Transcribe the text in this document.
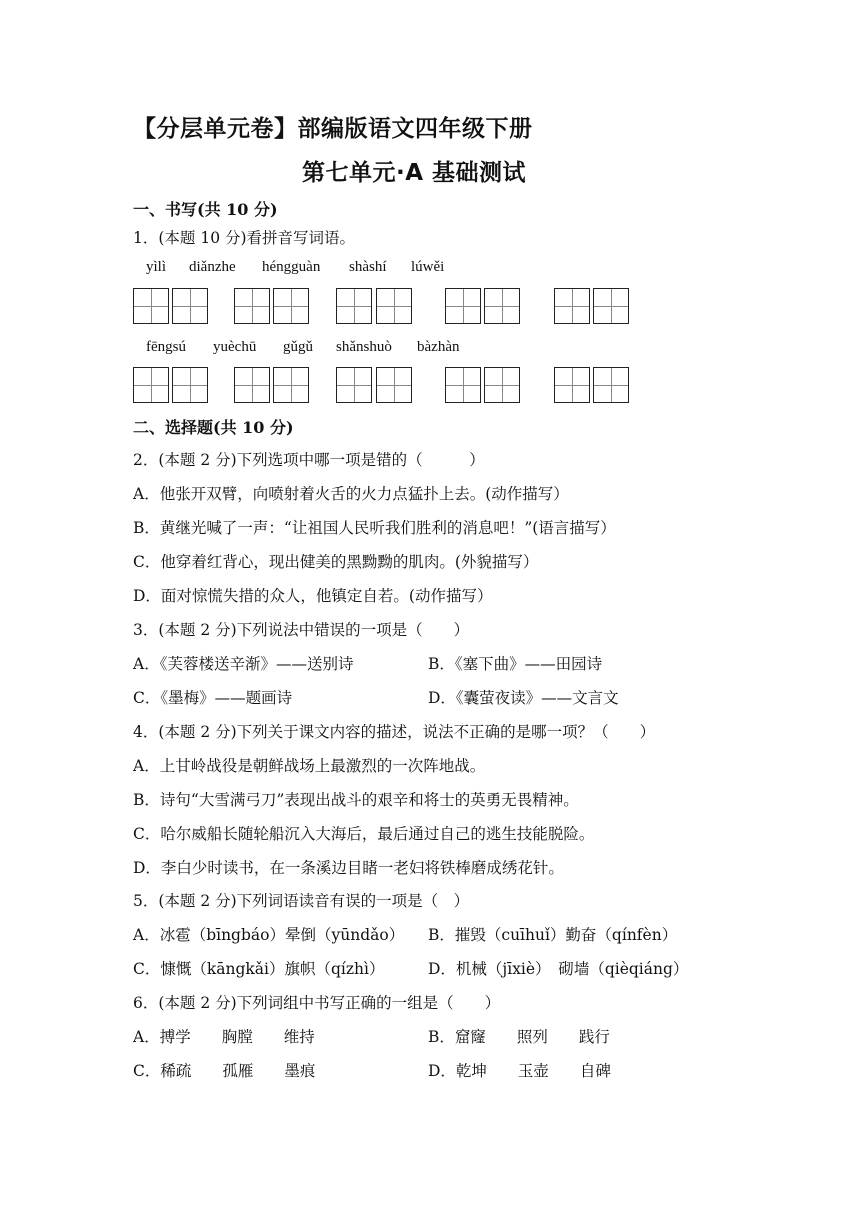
【分层单元卷】部编版语文四年级下册
第七单元·A 基础测试
一、书写(共 10 分)
1．(本题 10 分)看拼音写词语。
yìlì diǎnzhe héngguàn shàshí lúwěi
fēngsú yuèchū gǔgǔ shǎnshuò bàzhàn
二、选择题(共 10 分)
2．(本题 2 分)下列选项中哪一项是错的（　　　）
A．他张开双臂，向喷射着火舌的火力点猛扑上去。(动作描写）
B．黄继光喊了一声：“让祖国人民听我们胜利的消息吧！”(语言描写）
C．他穿着红背心，现出健美的黑黝黝的肌肉。(外貌描写）
D．面对惊慌失措的众人，他镇定自若。(动作描写）
3．(本题 2 分)下列说法中错误的一项是（　　）
A．《芙蓉楼送辛渐》——送别诗	B．《塞下曲》——田园诗
C．《墨梅》——题画诗	D．《囊萤夜读》——文言文
4．(本题 2 分)下列关于课文内容的描述，说法不正确的是哪一项？（　　）
A．上甘岭战役是朝鲜战场上最激烈的一次阵地战。
B．诗句“大雪满弓刀”表现出战斗的艰辛和将士的英勇无畏精神。
C．哈尔威船长随轮船沉入大海后，最后通过自己的逃生技能脱险。
D．李白少时读书，在一条溪边目睹一老妇将铁棒磨成绣花针。
5．(本题 2 分)下列词语读音有误的一项是（　）
A．冰雹（bīngbáo）晕倒（yūndǎo） B．摧毁（cuīhuǐ）勤奋（qínfèn）
C．慷慨（kāngkǎi）旗帜（qízhì）	D．机械（jīxiè）　砌墙（qièqiáng）
6．(本题 2 分)下列词组中书写正确的一组是（　　）
A．搏学　　胸膛　　维持	B．窟窿　　照列　　践行
C．稀疏　　孤雁　　墨痕	D．乾坤　　玉壶　　自碑
